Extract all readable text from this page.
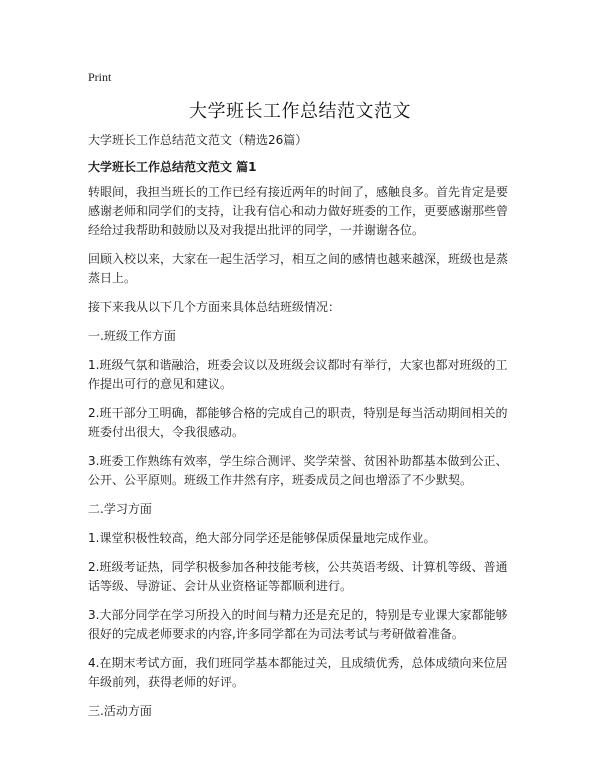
Print
大学班长工作总结范文范文

大学班长工作总结范文范文（精选26篇）

大学班长工作总结范文范文 篇1

转眼间，我担当班长的工作已经有接近两年的时间了，感触良多。首先肯定是要感谢老师和同学们的支持，让我有信心和动力做好班委的工作，更要感谢那些曾经给过我帮助和鼓励以及对我提出批评的同学，一并谢谢各位。

回顾入校以来，大家在一起生活学习，相互之间的感情也越来越深，班级也是蒸蒸日上。

接下来我从以下几个方面来具体总结班级情况：

一.班级工作方面

1.班级气氛和谐融洽，班委会议以及班级会议都时有举行，大家也都对班级的工作提出可行的意见和建议。

2.班干部分工明确，都能够合格的完成自己的职责，特别是每当活动期间相关的班委付出很大，令我很感动。

3.班委工作熟练有效率，学生综合测评、奖学荣誉、贫困补助都基本做到公正、公开、公平原则。班级工作井然有序，班委成员之间也增添了不少默契。

二.学习方面

1.课堂积极性较高，绝大部分同学还是能够保质保量地完成作业。

2.班级考证热，同学积极参加各种技能考核，公共英语考级、计算机等级、普通话等级、导游证、会计从业资格证等都顺利进行。

3.大部分同学在学习所投入的时间与精力还是充足的，特别是专业课大家都能够很好的完成老师要求的内容,许多同学都在为司法考试与考研做着准备。

4.在期末考试方面，我们班同学基本都能过关，且成绩优秀，总体成绩向来位居年级前列，获得老师的好评。

三.活动方面
